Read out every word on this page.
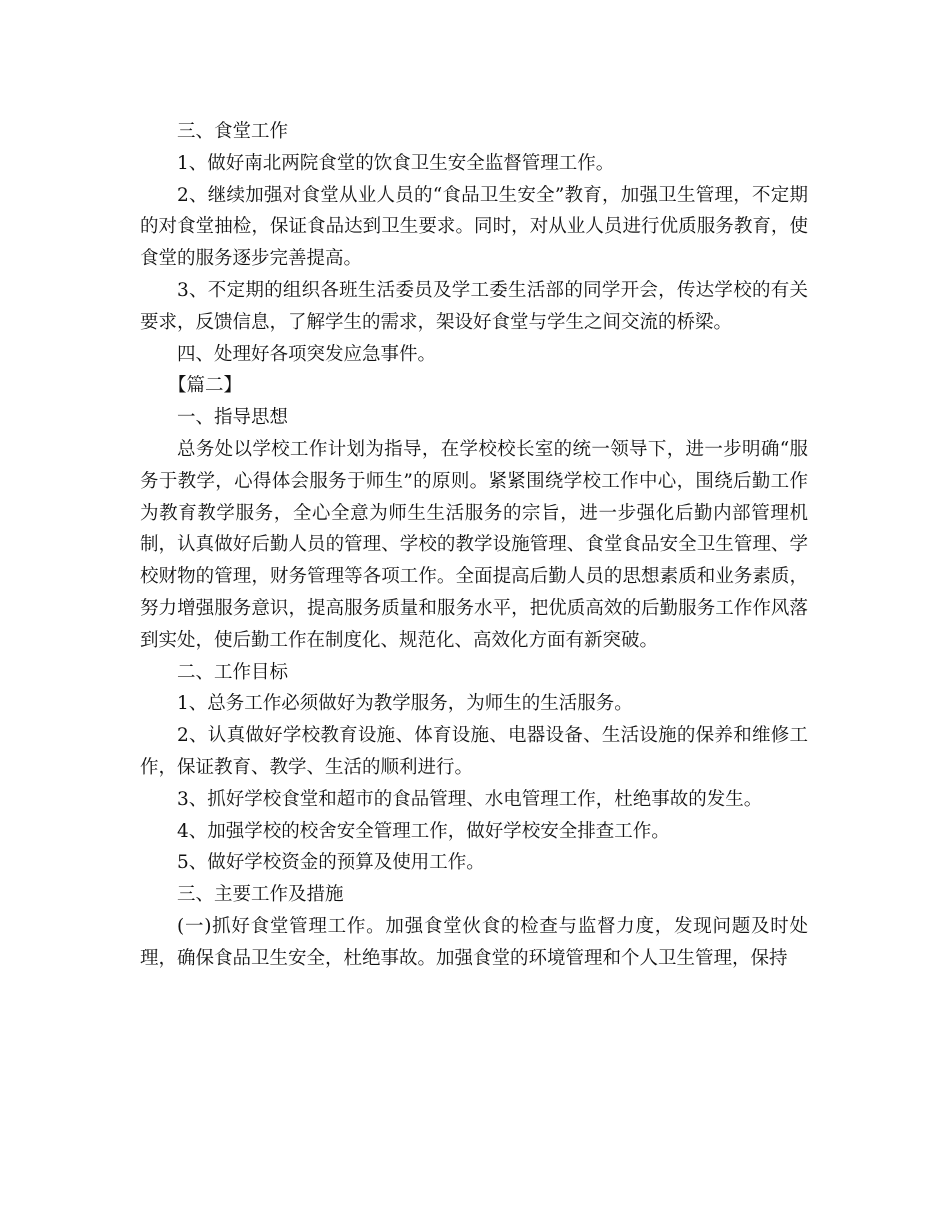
三、食堂工作

1、做好南北两院食堂的饮食卫生安全监督管理工作。

2、继续加强对食堂从业人员的“食品卫生安全”教育，加强卫生管理，不定期的对食堂抽检，保证食品达到卫生要求。同时，对从业人员进行优质服务教育，使食堂的服务逐步完善提高。

3、不定期的组织各班生活委员及学工委生活部的同学开会，传达学校的有关要求，反馈信息，了解学生的需求，架设好食堂与学生之间交流的桥梁。

四、处理好各项突发应急事件。

【篇二】

一、指导思想

总务处以学校工作计划为指导，在学校校长室的统一领导下，进一步明确“服务于教学，心得体会服务于师生”的原则。紧紧围绕学校工作中心，围绕后勤工作为教育教学服务，全心全意为师生生活服务的宗旨，进一步强化后勤内部管理机制，认真做好后勤人员的管理、学校的教学设施管理、食堂食品安全卫生管理、学校财物的管理，财务管理等各项工作。全面提高后勤人员的思想素质和业务素质，努力增强服务意识，提高服务质量和服务水平，把优质高效的后勤服务工作作风落到实处，使后勤工作在制度化、规范化、高效化方面有新突破。

二、工作目标

1、总务工作必须做好为教学服务，为师生的生活服务。

2、认真做好学校教育设施、体育设施、电器设备、生活设施的保养和维修工作，保证教育、教学、生活的顺利进行。

3、抓好学校食堂和超市的食品管理、水电管理工作，杜绝事故的发生。

4、加强学校的校舍安全管理工作，做好学校安全排查工作。

5、做好学校资金的预算及使用工作。

三、主要工作及措施

(一)抓好食堂管理工作。加强食堂伙食的检查与监督力度，发现问题及时处理，确保食品卫生安全，杜绝事故。加强食堂的环境管理和个人卫生管理，保持
